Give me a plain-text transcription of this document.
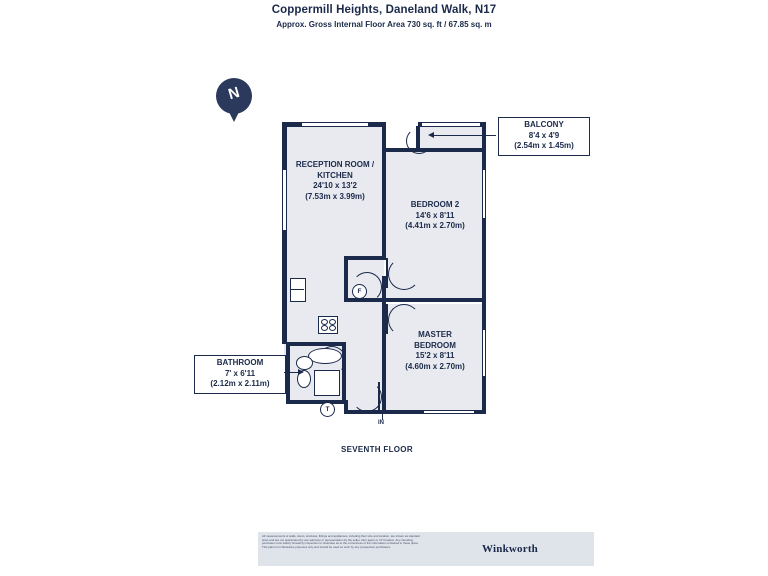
Coppermill Heights, Daneland Walk, N17
Approx. Gross Internal Floor Area 730 sq. ft / 67.85 sq. m
N
F
T
IN
RECEPTION ROOM /
KITCHEN
24'10 x 13'2
(7.53m x 3.99m)
BEDROOM 2
14'6 x 8'11
(4.41m x 2.70m)
MASTER
BEDROOM
15'2 x 8'11
(4.60m x 2.70m)
BATHROOM
7' x 6'11
(2.12m x 2.11m)
BALCONY
8'4 x 4'9
(2.54m x 1.45m)
SEVENTH FLOOR
All measurements of walls, doors, windows, fittings and appliances, including their size and location, are shown as standard sizes and are not guaranteed by any warranty or representation by the seller, their agent or LP Creative. Any intending purchaser must satisfy himself by inspection or otherwise as to the correctness of the information contained in these plans. This plan is for illustrative purposes only and should be used so such by any prospective purchasers.	Winkworth
